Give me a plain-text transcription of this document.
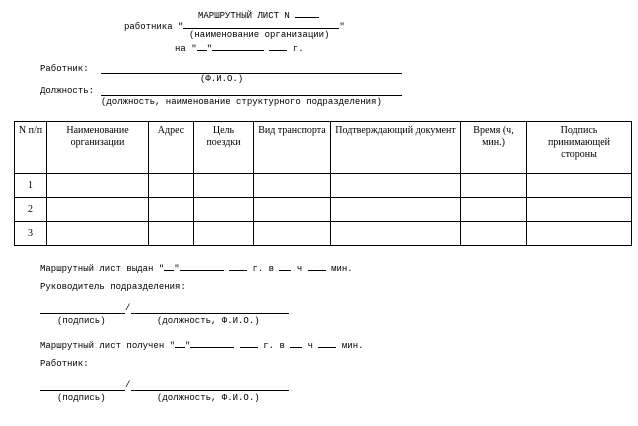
МАРШРУТНЫЙ ЛИСТ N
работника "	"
(наименование организации)
на " "	г.
Работник:
(Ф.И.О.)
Должность:
(должность, наименование структурного подразделения)
N п/п	Наименование организации	Адрес	Цель поездки	Вид транспорта	Подтверждающий документ	Время (ч, мин.)	Подпись принимающей стороны
1							
2							
3							
Маршрутный лист выдан " "	г. в	ч	мин.
Руководитель подразделения:
/
(подпись)	(должность, Ф.И.О.)
Маршрутный лист получен " "	г. в	ч	мин.
Работник:
/
(подпись)	(должность, Ф.И.О.)
